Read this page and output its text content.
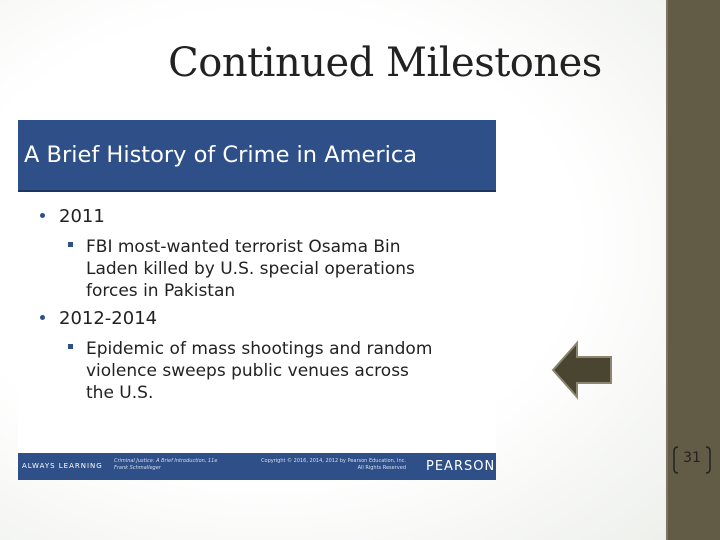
Continued Milestones
A Brief History of Crime in America
2011
FBI most-wanted terrorist Osama Bin
Laden killed by U.S. special operations
forces in Pakistan
2012-2014
Epidemic of mass shootings and random
violence sweeps public venues across
the U.S.
ALWAYS LEARNING
Criminal Justice: A Brief Introduction, 11e
Frank Schmalleger
Copyright © 2016, 2014, 2012 by Pearson Education, Inc.
All Rights Reserved PEARSON
31
